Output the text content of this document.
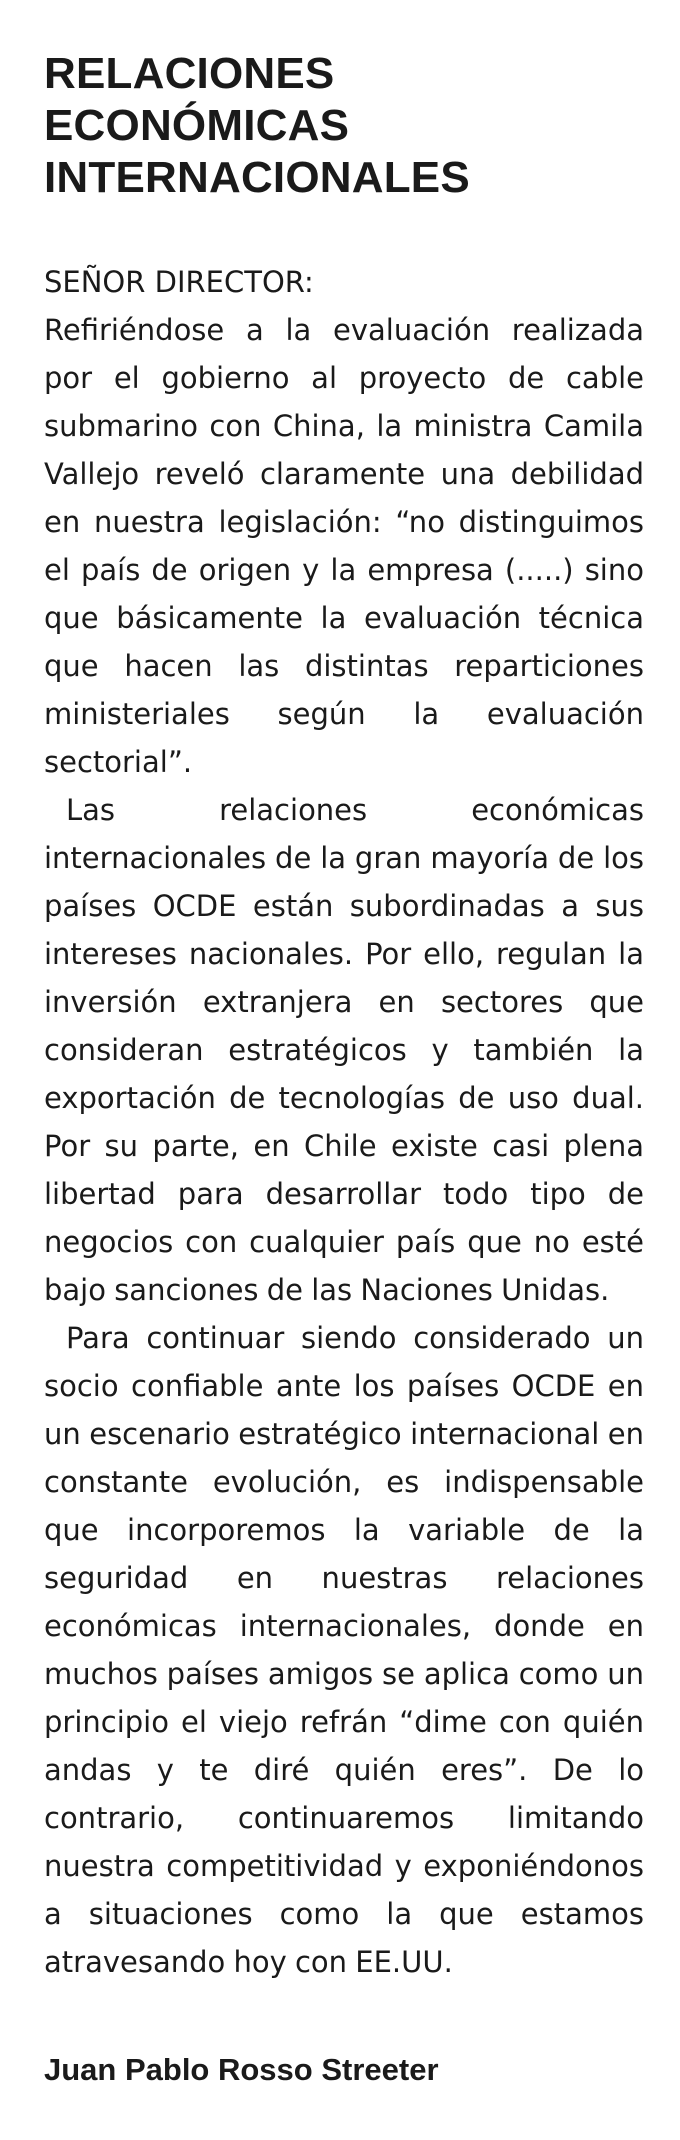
RELACIONES ECONÓMICAS INTERNACIONALES
SEÑOR DIRECTOR:

Refiriéndose a la evaluación realizada por el gobierno al proyecto de cable submarino con China, la ministra Camila Vallejo reveló claramente una debilidad en nuestra legislación: “no distinguimos el país de origen y la empresa (.....) sino que básicamente la evaluación técnica que hacen las distintas reparticiones ministeriales según la evaluación sectorial”.

Las relaciones económicas internacionales de la gran mayoría de los países OCDE están subordinadas a sus intereses nacionales. Por ello, regulan la inversión extranjera en sectores que consideran estratégicos y también la exportación de tecnologías de uso dual. Por su parte, en Chile existe casi plena libertad para desarrollar todo tipo de negocios con cualquier país que no esté bajo sanciones de las Naciones Unidas.

Para continuar siendo considerado un socio confiable ante los países OCDE en un escenario estratégico internacional en constante evolución, es indispensable que incorporemos la variable de la seguridad en nuestras relaciones económicas internacionales, donde en muchos países amigos se aplica como un principio el viejo refrán “dime con quién andas y te diré quién eres”. De lo contrario, continuaremos limitando nuestra competitividad y exponiéndonos a situaciones como la que estamos atravesando hoy con EE.UU.

Juan Pablo Rosso Streeter
